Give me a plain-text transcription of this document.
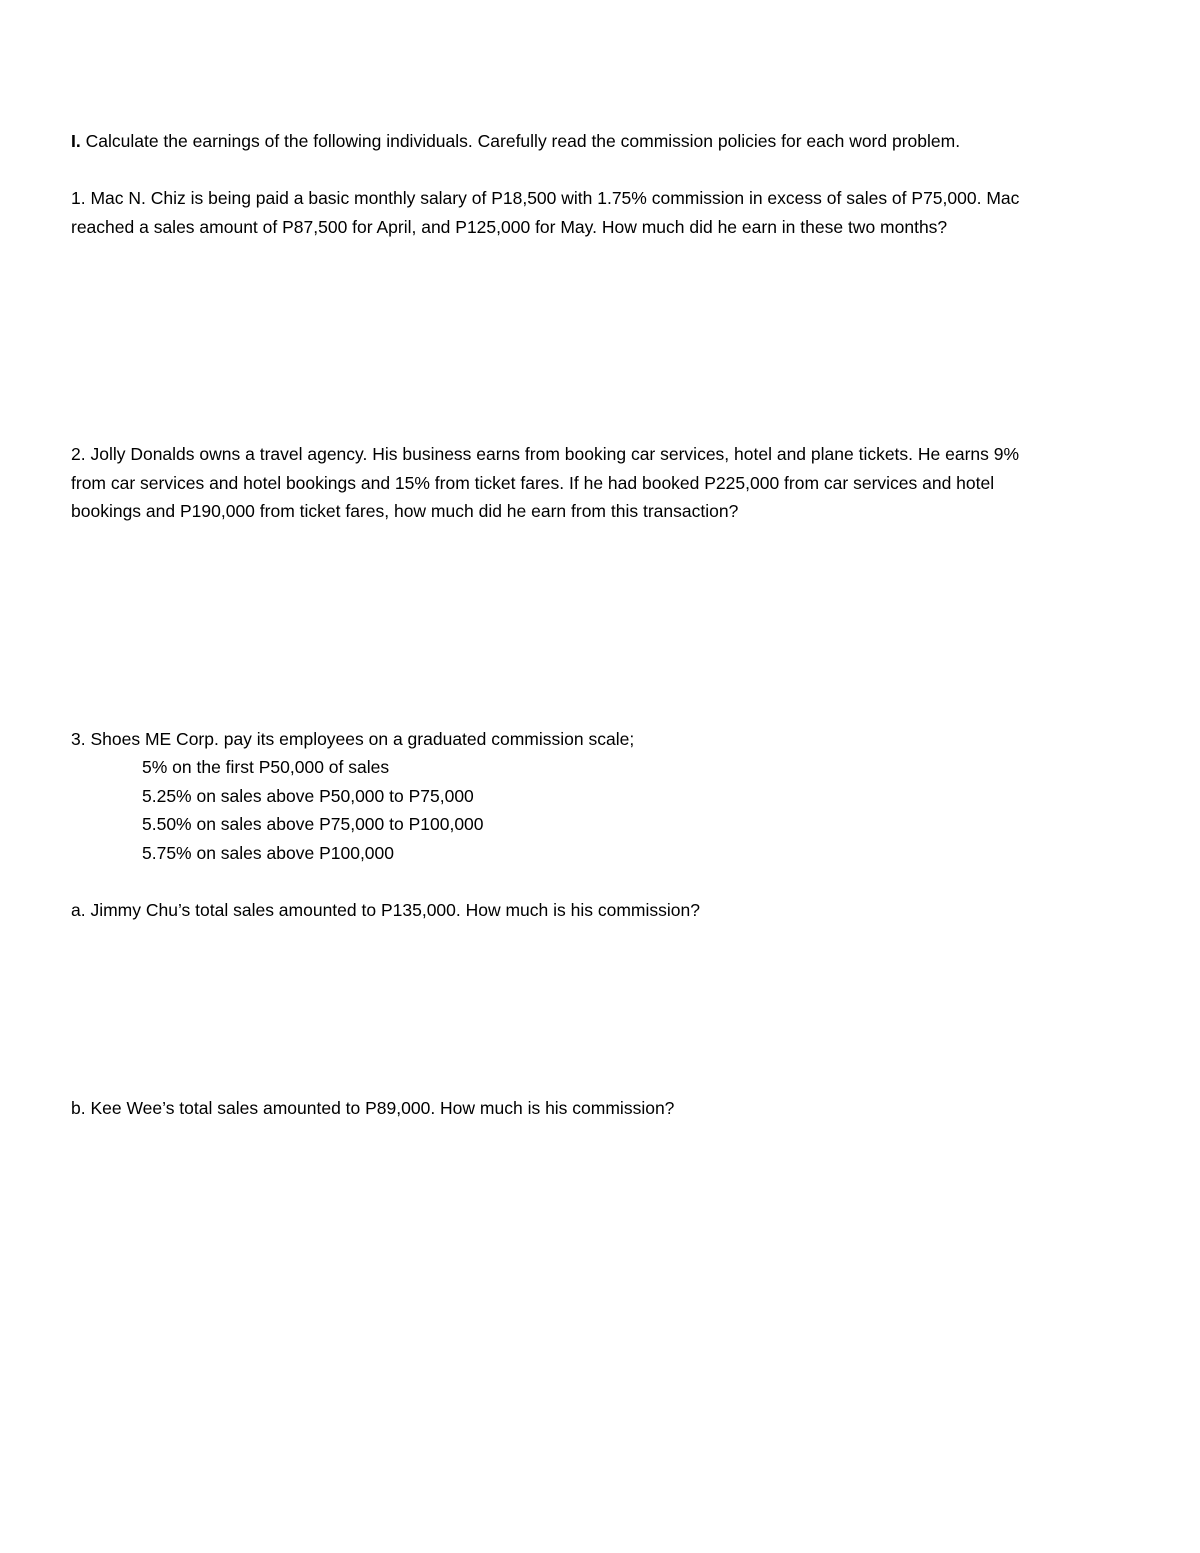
I. Calculate the earnings of the following individuals. Carefully read the commission policies for each word problem.

1. Mac N. Chiz is being paid a basic monthly salary of P18,500 with 1.75% commission in excess of sales of P75,000. Mac
reached a sales amount of P87,500 for April, and P125,000 for May. How much did he earn in these two months?

2. Jolly Donalds owns a travel agency. His business earns from booking car services, hotel and plane tickets. He earns 9%
from car services and hotel bookings and 15% from ticket fares. If he had booked P225,000 from car services and hotel
bookings and P190,000 from ticket fares, how much did he earn from this transaction?

3. Shoes ME Corp. pay its employees on a graduated commission scale;

5% on the first P50,000 of sales
5.25% on sales above P50,000 to P75,000
5.50% on sales above P75,000 to P100,000
5.75% on sales above P100,000

a. Jimmy Chu’s total sales amounted to P135,000. How much is his commission?

b. Kee Wee’s total sales amounted to P89,000. How much is his commission?
